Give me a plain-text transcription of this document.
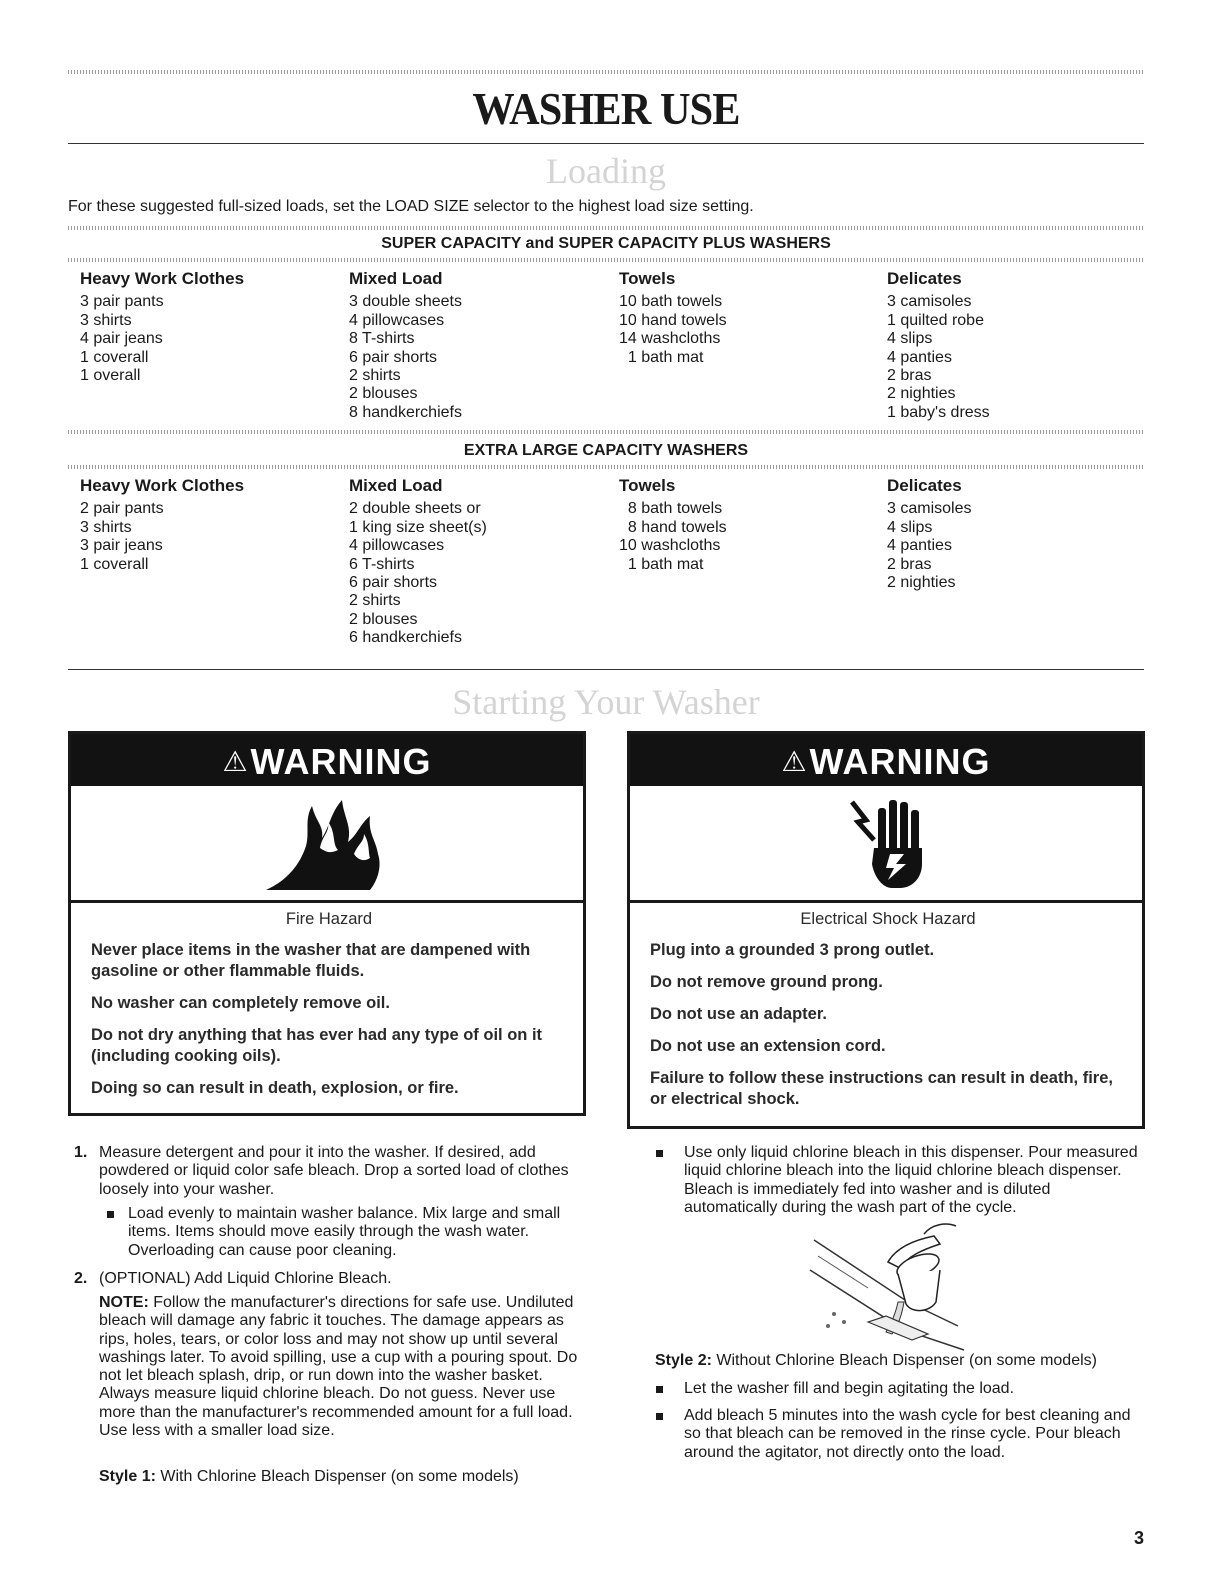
WASHER USE
Loading
For these suggested full-sized loads, set the LOAD SIZE selector to the highest load size setting.
SUPER CAPACITY and SUPER CAPACITY PLUS WASHERS
Heavy Work Clothes
3 pair pants
3 shirts
4 pair jeans
1 coverall
1 overall
Mixed Load
3 double sheets
4 pillowcases
8 T-shirts
6 pair shorts
2 shirts
2 blouses
8 handkerchiefs
Towels
10 bath towels
10 hand towels
14 washcloths
1 bath mat
Delicates
3 camisoles
1 quilted robe
4 slips
4 panties
2 bras
2 nighties
1 baby's dress
EXTRA LARGE CAPACITY WASHERS
Heavy Work Clothes
2 pair pants
3 shirts
3 pair jeans
1 coverall
Mixed Load
2 double sheets or
1 king size sheet(s)
4 pillowcases
6 T-shirts
6 pair shorts
2 shirts
2 blouses
6 handkerchiefs
Towels
8 bath towels
8 hand towels
10 washcloths
1 bath mat
Delicates
3 camisoles
4 slips
4 panties
2 bras
2 nighties
Starting Your Washer
⚠WARNING
Fire Hazard

Never place items in the washer that are dampened with gasoline or other flammable fluids.

No washer can completely remove oil.

Do not dry anything that has ever had any type of oil on it (including cooking oils).

Doing so can result in death, explosion, or fire.

⚠WARNING
Electrical Shock Hazard

Plug into a grounded 3 prong outlet.

Do not remove ground prong.

Do not use an adapter.

Do not use an extension cord.

Failure to follow these instructions can result in death, fire, or electrical shock.

1. Measure detergent and pour it into the washer. If desired, add powdered or liquid color safe bleach. Drop a sorted load of clothes loosely into your washer.
Load evenly to maintain washer balance. Mix large and small items. Items should move easily through the wash water. Overloading can cause poor cleaning.
2. (OPTIONAL) Add Liquid Chlorine Bleach.
NOTE: Follow the manufacturer's directions for safe use. Undiluted bleach will damage any fabric it touches. The damage appears as rips, holes, tears, or color loss and may not show up until several washings later. To avoid spilling, use a cup with a pouring spout. Do not let bleach splash, drip, or run down into the washer basket. Always measure liquid chlorine bleach. Do not guess. Never use more than the manufacturer's recommended amount for a full load. Use less with a smaller load size.
Style 1: With Chlorine Bleach Dispenser (on some models)
Use only liquid chlorine bleach in this dispenser. Pour measured liquid chlorine bleach into the liquid chlorine bleach dispenser. Bleach is immediately fed into washer and is diluted automatically during the wash part of the cycle.
Style 2: Without Chlorine Bleach Dispenser (on some models)
Let the washer fill and begin agitating the load.
Add bleach 5 minutes into the wash cycle for best cleaning and so that bleach can be removed in the rinse cycle. Pour bleach around the agitator, not directly onto the load.
3
